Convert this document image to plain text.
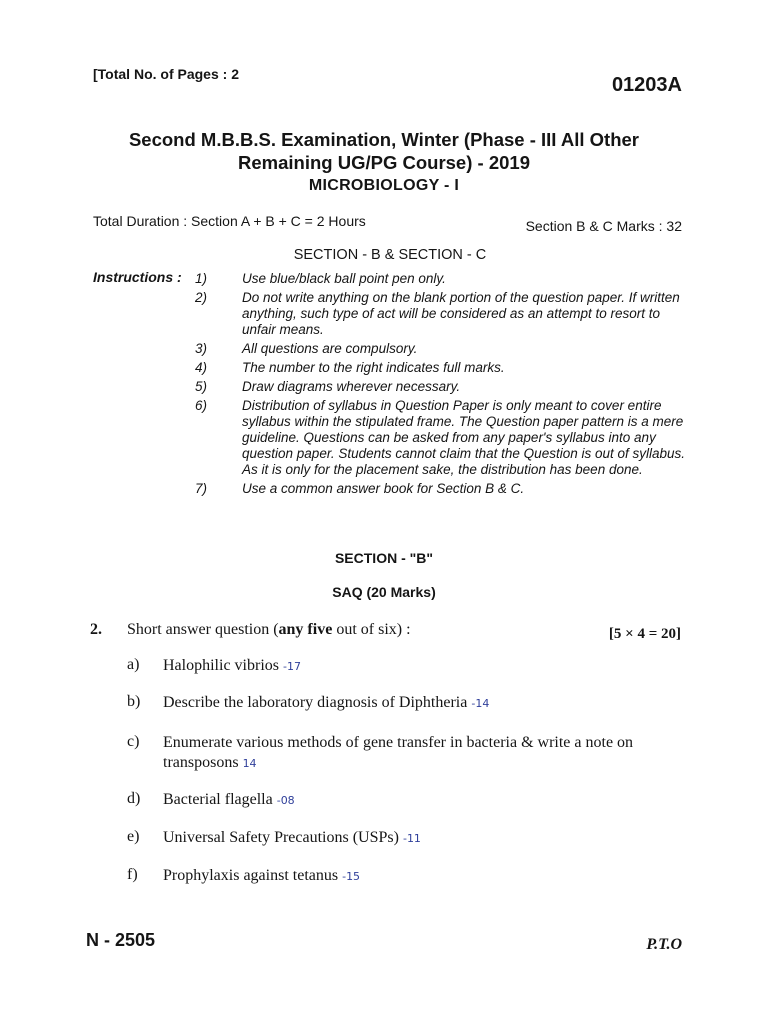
[Total No. of Pages : 2	01203A
Second M.B.B.S. Examination, Winter (Phase - III All Other
Remaining UG/PG Course) - 2019
MICROBIOLOGY - I
Total Duration : Section A + B + C = 2 Hours	Section B & C Marks : 32
SECTION - B & SECTION - C
Instructions : 1)	Use blue/black ball point pen only.
2)	Do not write anything on the blank portion of the question paper. If written anything, such type of act will be considered as an attempt to resort to unfair means.
3)	All questions are compulsory.
4)	The number to the right indicates full marks.
5)	Draw diagrams wherever necessary.
6)	Distribution of syllabus in Question Paper is only meant to cover entire syllabus within the stipulated frame. The Question paper pattern is a mere guideline. Questions can be asked from any paper's syllabus into any question paper. Students cannot claim that the Question is out of syllabus. As it is only for the placement sake, the distribution has been done.
7)	Use a common answer book for Section B & C.
SECTION - "B"
SAQ (20 Marks)
2. Short answer question (any five out of six) :	[5 × 4 = 20]
a)	Halophilic vibrios -17
b)	Describe the laboratory diagnosis of Diphtheria -14
c)	Enumerate various methods of gene transfer in bacteria & write a note on transposons 14
d)	Bacterial flagella -08
e)	Universal Safety Precautions (USPs) -11
f)	Prophylaxis against tetanus -15
N - 2505	P.T.O
